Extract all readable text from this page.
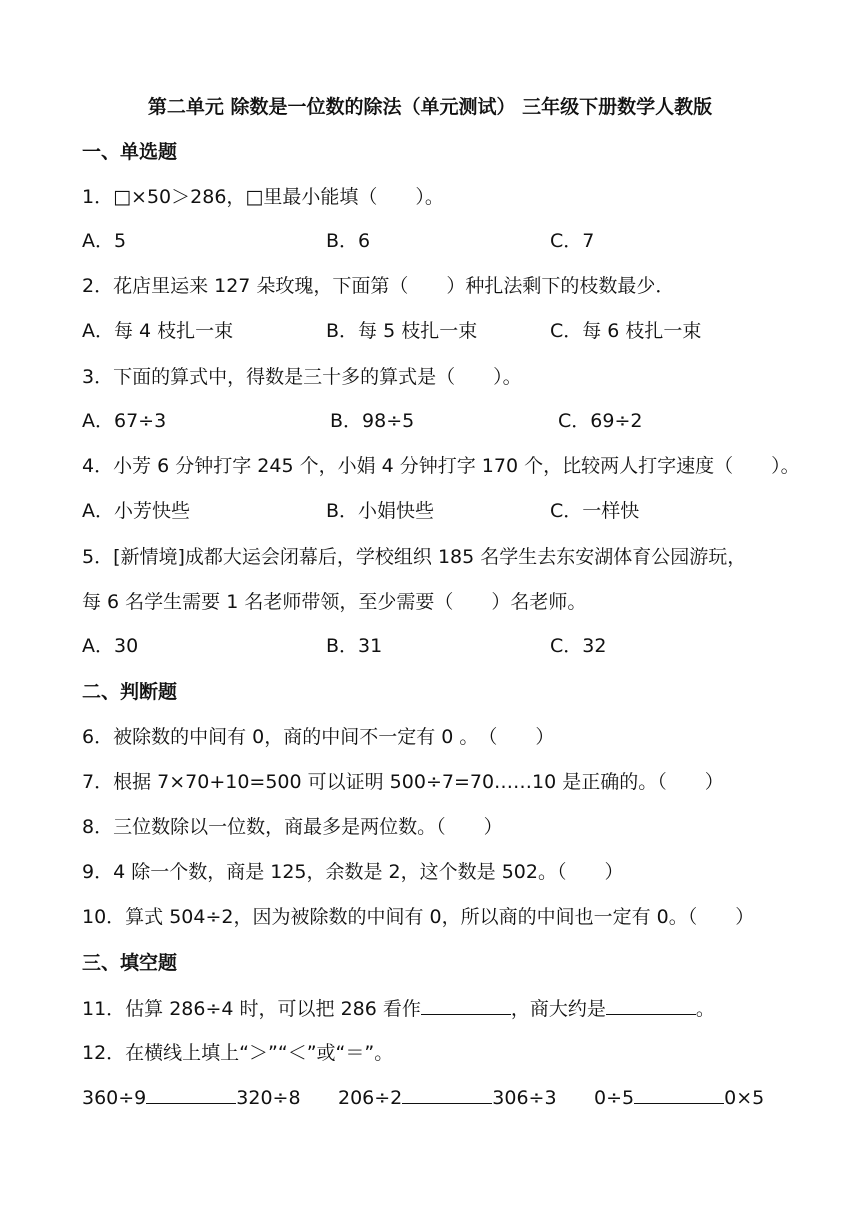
第二单元 除数是一位数的除法（单元测试） 三年级下册数学人教版
一、单选题
1．□×50＞286，□里最小能填（　　）。
A．5	B．6	C．7
2．花店里运来 127 朵玫瑰，下面第（　　）种扎法剩下的枝数最少．
A．每 4 枝扎一束	B．每 5 枝扎一束	C．每 6 枝扎一束
3．下面的算式中，得数是三十多的算式是（　　）。
A．67÷3	B．98÷5	C．69÷2
4．小芳 6 分钟打字 245 个，小娟 4 分钟打字 170 个，比较两人打字速度（　　）。
A．小芳快些	B．小娟快些	C．一样快
5．[新情境]成都大运会闭幕后，学校组织 185 名学生去东安湖体育公园游玩，
每 6 名学生需要 1 名老师带领，至少需要（　　）名老师。
A．30	B．31	C．32
二、判断题
6．被除数的中间有 0，商的中间不一定有 0 。　（　　）
7．根据 7×70+10=500 可以证明 500÷7=70……10 是正确的。（　　）
8．三位数除以一位数，商最多是两位数。（　　）
9．4 除一个数，商是 125，余数是 2，这个数是 502。（　　）
10．算式 504÷2，因为被除数的中间有 0，所以商的中间也一定有 0。（　　）
三、填空题
11．估算 286÷4 时，可以把 286 看作	，商大约是	。
12．在横线上填上“＞”“＜”或“＝”。
360÷9	320÷8 206÷2	306÷3 0÷5	0×5
